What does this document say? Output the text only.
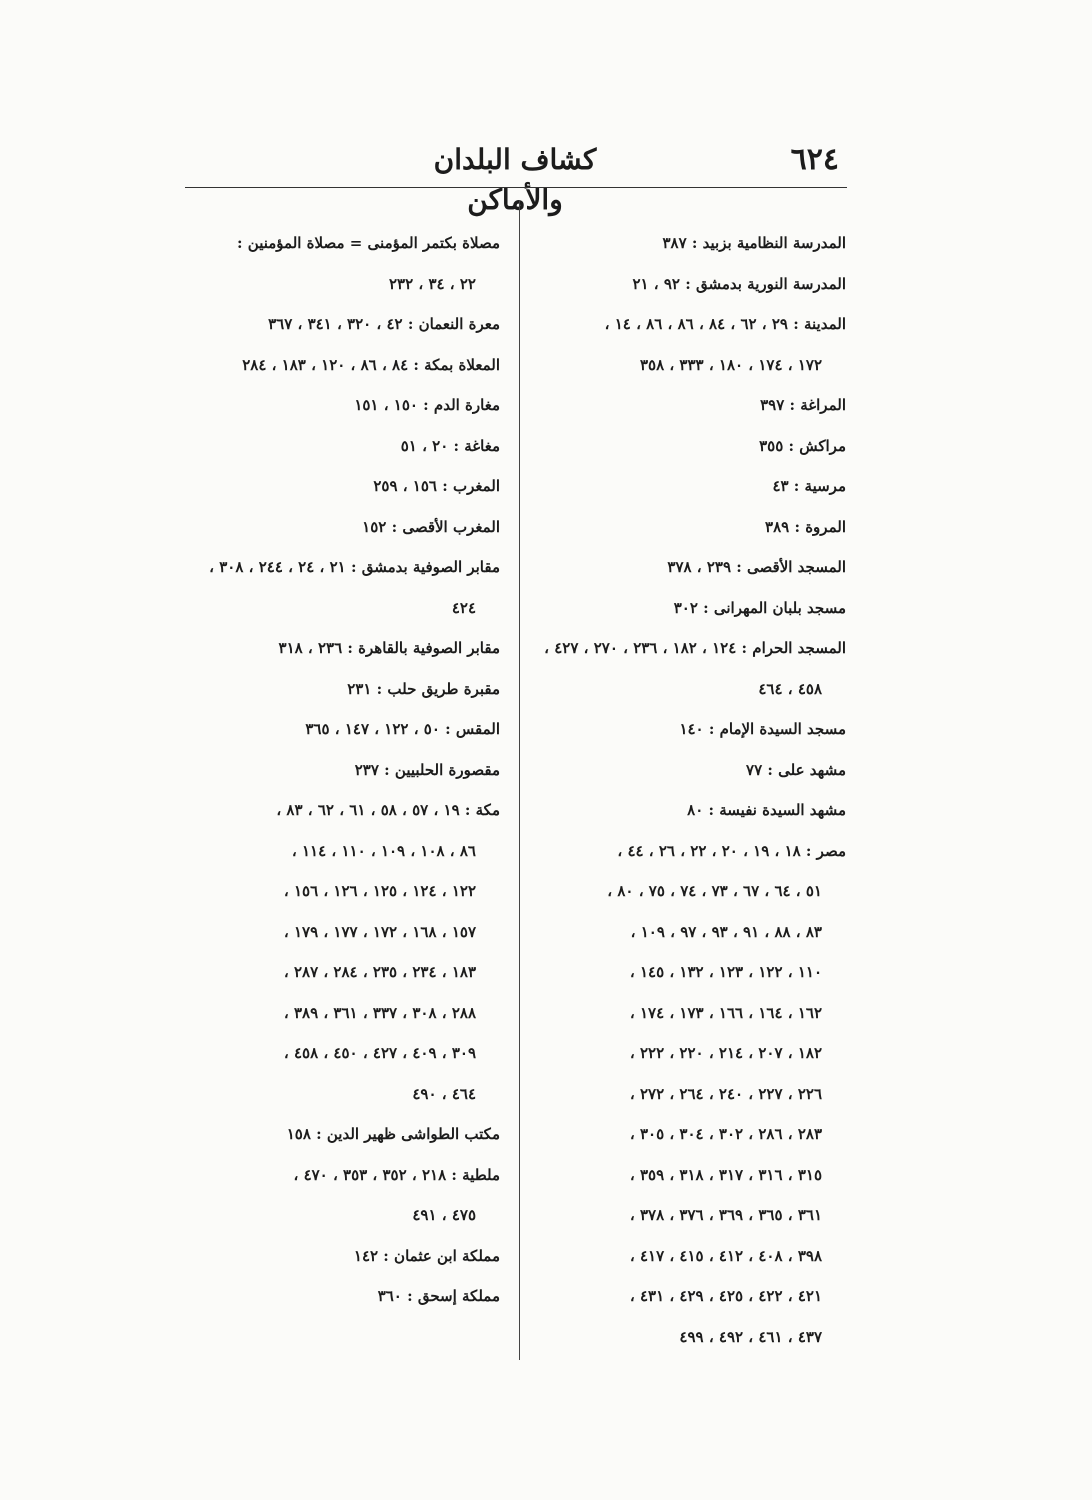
٦٢٤
كشاف البلدان والأماكن
المدرسة النظامية بزبيد : ٣٨٧
المدرسة النورية بدمشق : ٩٢ ، ٢١
المدينة : ٢٩ ، ٦٢ ، ٨٤ ، ٨٦ ، ٨٦ ، ١٤ ،
١٧٢ ، ١٧٤ ، ١٨٠ ، ٣٣٣ ، ٣٥٨
المراغة : ٣٩٧
مراكش : ٣٥٥
مرسية : ٤٣
المروة : ٣٨٩
المسجد الأقصى : ٢٣٩ ، ٣٧٨
مسجد بلبان المهرانى : ٣٠٢
المسجد الحرام : ١٢٤ ، ١٨٢ ، ٢٣٦ ، ٢٧٠ ، ٤٢٧ ،
٤٥٨ ، ٤٦٤
مسجد السيدة الإمام : ١٤٠
مشهد على : ٧٧
مشهد السيدة نفيسة : ٨٠
مصر : ١٨ ، ١٩ ، ٢٠ ، ٢٢ ، ٢٦ ، ٤٤ ،
٥١ ، ٦٤ ، ٦٧ ، ٧٣ ، ٧٤ ، ٧٥ ، ٨٠ ،
٨٣ ، ٨٨ ، ٩١ ، ٩٣ ، ٩٧ ، ١٠٩ ،
١١٠ ، ١٢٢ ، ١٢٣ ، ١٣٢ ، ١٤٥ ،
١٦٢ ، ١٦٤ ، ١٦٦ ، ١٧٣ ، ١٧٤ ،
١٨٢ ، ٢٠٧ ، ٢١٤ ، ٢٢٠ ، ٢٢٢ ،
٢٢٦ ، ٢٢٧ ، ٢٤٠ ، ٢٦٤ ، ٢٧٢ ،
٢٨٣ ، ٢٨٦ ، ٣٠٢ ، ٣٠٤ ، ٣٠٥ ،
٣١٥ ، ٣١٦ ، ٣١٧ ، ٣١٨ ، ٣٥٩ ،
٣٦١ ، ٣٦٥ ، ٣٦٩ ، ٣٧٦ ، ٣٧٨ ،
٣٩٨ ، ٤٠٨ ، ٤١٢ ، ٤١٥ ، ٤١٧ ،
٤٢١ ، ٤٢٢ ، ٤٢٥ ، ٤٢٩ ، ٤٣١ ،
٤٣٧ ، ٤٦١ ، ٤٩٢ ، ٤٩٩
مصلاة بكتمر المؤمنى = مصلاة المؤمنين :
٢٢ ، ٣٤ ، ٢٣٢
معرة النعمان : ٤٢ ، ٣٢٠ ، ٣٤١ ، ٣٦٧
المعلاة بمكة : ٨٤ ، ٨٦ ، ١٢٠ ، ١٨٣ ، ٢٨٤
مغارة الدم : ١٥٠ ، ١٥١
مغاغة : ٢٠ ، ٥١
المغرب : ١٥٦ ، ٢٥٩
المغرب الأقصى : ١٥٢
مقابر الصوفية بدمشق : ٢١ ، ٢٤ ، ٢٤٤ ، ٣٠٨ ،
٤٢٤
مقابر الصوفية بالقاهرة : ٢٣٦ ، ٣١٨
مقبرة طريق حلب : ٢٣١
المقس : ٥٠ ، ١٢٢ ، ١٤٧ ، ٣٦٥
مقصورة الحلبيين : ٢٣٧
مكة : ١٩ ، ٥٧ ، ٥٨ ، ٦١ ، ٦٢ ، ٨٣ ،
٨٦ ، ١٠٨ ، ١٠٩ ، ١١٠ ، ١١٤ ،
١٢٢ ، ١٢٤ ، ١٢٥ ، ١٢٦ ، ١٥٦ ،
١٥٧ ، ١٦٨ ، ١٧٢ ، ١٧٧ ، ١٧٩ ،
١٨٣ ، ٢٣٤ ، ٢٣٥ ، ٢٨٤ ، ٢٨٧ ،
٢٨٨ ، ٣٠٨ ، ٣٣٧ ، ٣٦١ ، ٣٨٩ ،
٣٠٩ ، ٤٠٩ ، ٤٢٧ ، ٤٥٠ ، ٤٥٨ ،
٤٦٤ ، ٤٩٠
مكتب الطواشى ظهير الدين : ١٥٨
ملطية : ٢١٨ ، ٣٥٢ ، ٣٥٣ ، ٤٧٠ ،
٤٧٥ ، ٤٩١
مملكة ابن عثمان : ١٤٢
مملكة إسحق : ٣٦٠
